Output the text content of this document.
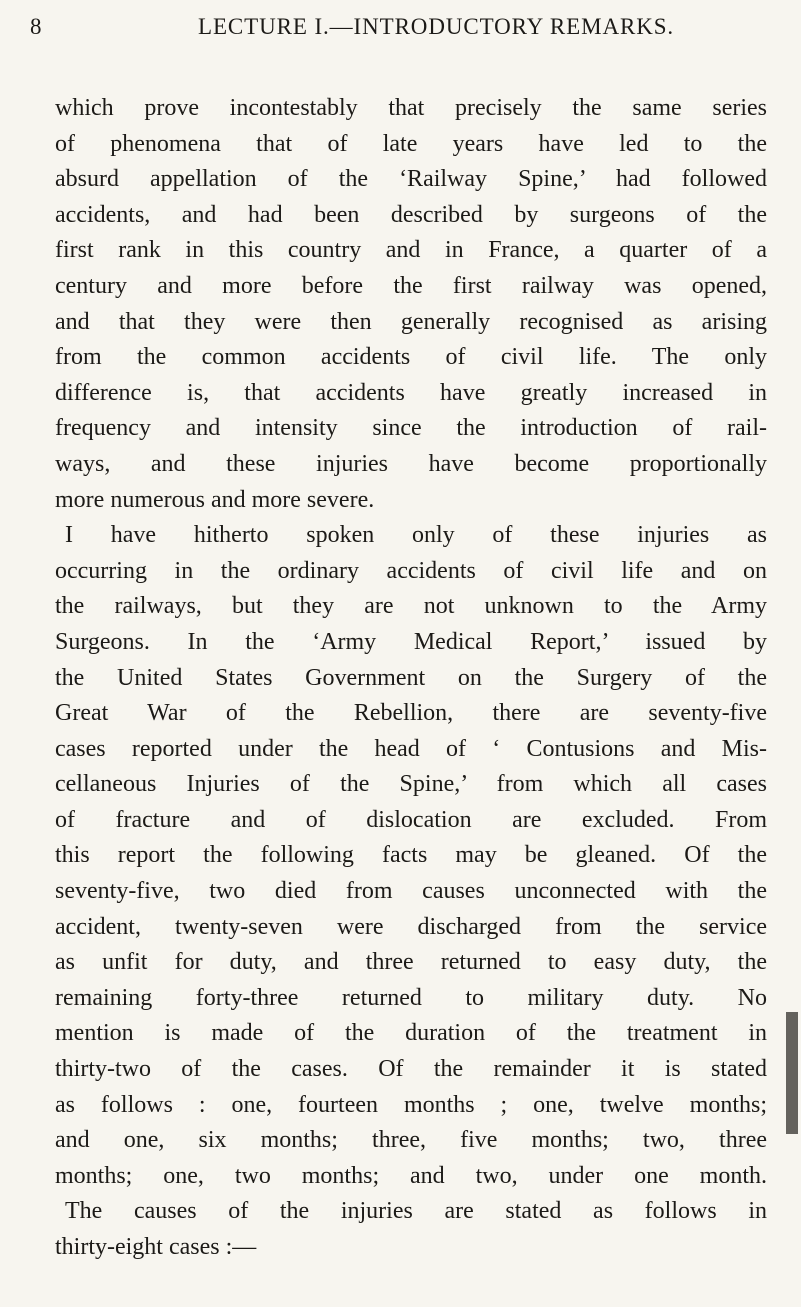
8	LECTURE I.—INTRODUCTORY REMARKS.
which prove incontestably that precisely the same series
of phenomena that of late years have led to the
absurd appellation of the ‘Railway Spine,’ had followed
accidents, and had been described by surgeons of the
first rank in this country and in France, a quarter of a
century and more before the first railway was opened,
and that they were then generally recognised as arising
from the common accidents of civil life. The only
difference is, that accidents have greatly increased in
frequency and intensity since the introduction of rail-
ways, and these injuries have become proportionally
more numerous and more severe.
I have hitherto spoken only of these injuries as
occurring in the ordinary accidents of civil life and on
the railways, but they are not unknown to the Army
Surgeons. In the ‘Army Medical Report,’ issued by
the United States Government on the Surgery of the
Great War of the Rebellion, there are seventy-five
cases reported under the head of ‘ Contusions and Mis-
cellaneous Injuries of the Spine,’ from which all cases
of fracture and of dislocation are excluded. From
this report the following facts may be gleaned. Of the
seventy-five, two died from causes unconnected with the
accident, twenty-seven were discharged from the service
as unfit for duty, and three returned to easy duty, the
remaining forty-three returned to military duty. No
mention is made of the duration of the treatment in
thirty-two of the cases. Of the remainder it is stated
as follows : one, fourteen months ; one, twelve months;
and one, six months; three, five months; two, three
months; one, two months; and two, under one month.
The causes of the injuries are stated as follows in
thirty-eight cases :—
